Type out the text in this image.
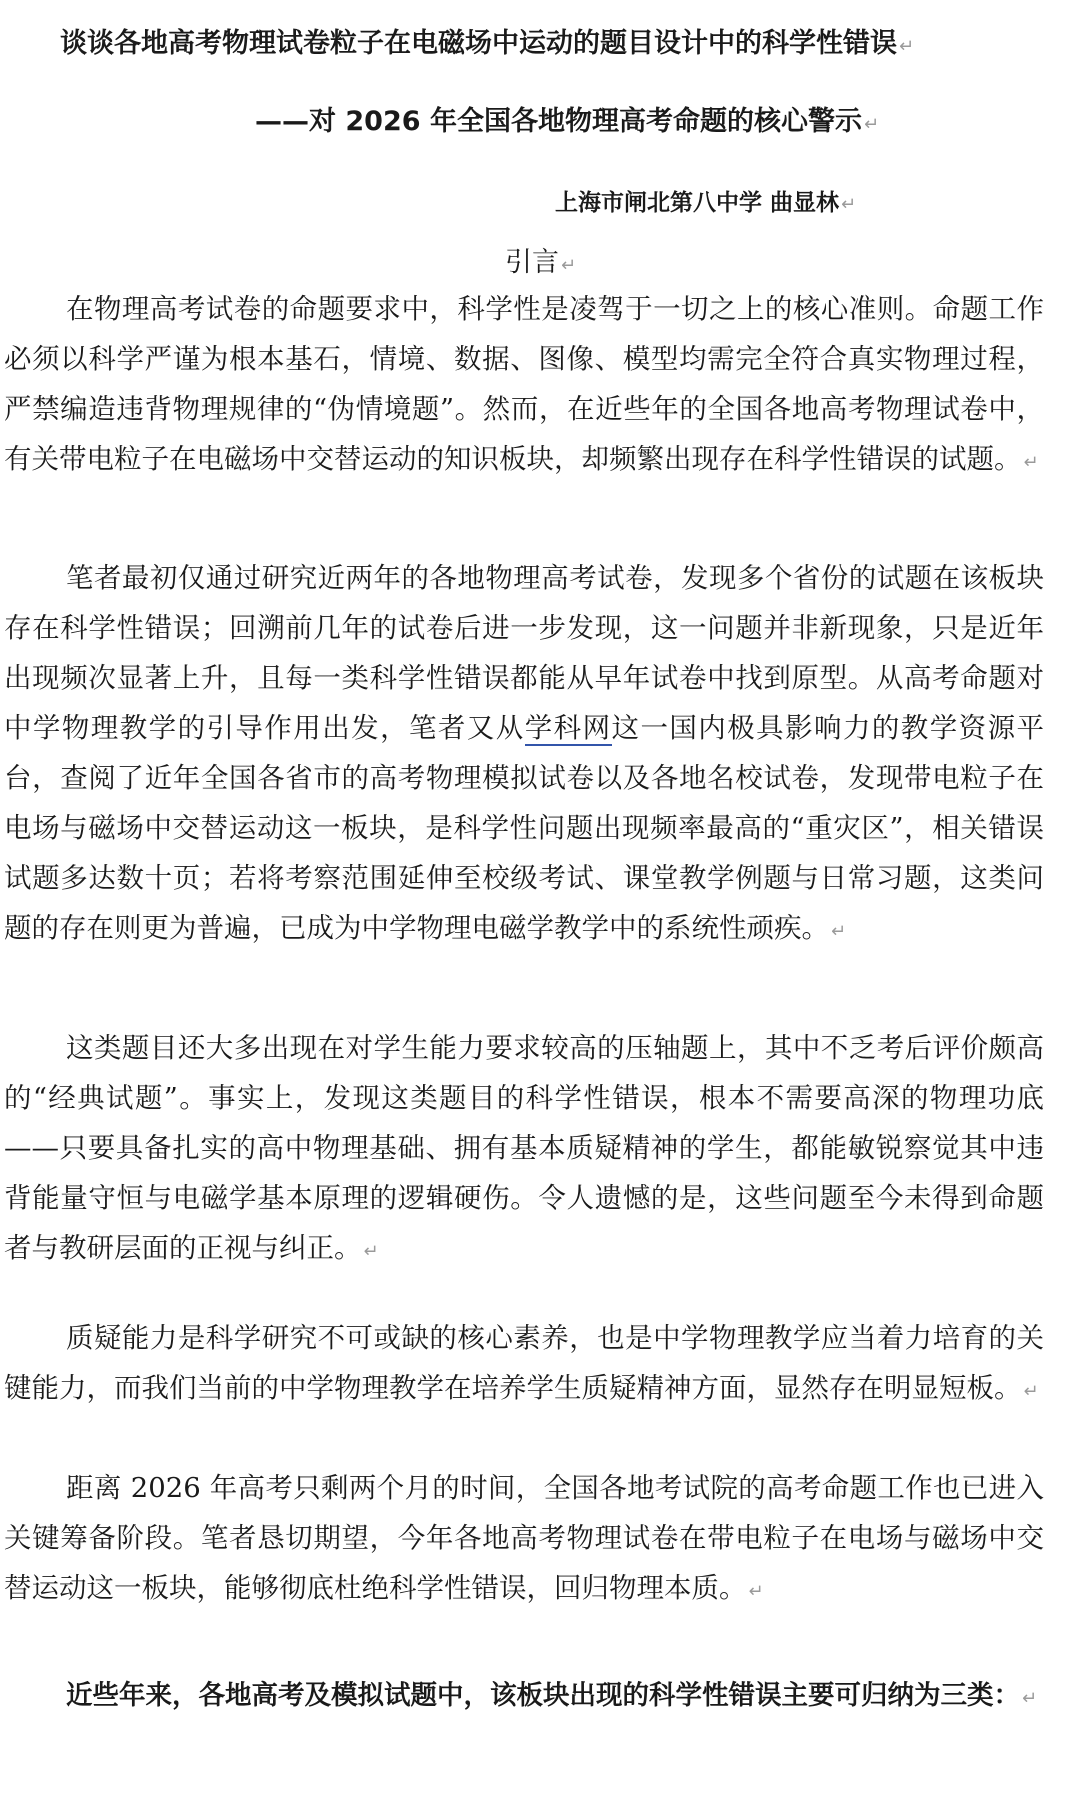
谈谈各地高考物理试卷粒子在电磁场中运动的题目设计中的科学性错误 ↵
——对 2026 年全国各地物理高考命题的核心警示 ↵
上海市闸北第八中学 曲显林 ↵
引言 ↵

在物理高考试卷的命题要求中，科学性是凌驾于一切之上的核心准则。命题工作必须以科学严谨为根本基石，情境、数据、图像、模型均需完全符合真实物理过程，严禁编造违背物理规律的“伪情境题”。然而，在近些年的全国各地高考物理试卷中，有关带电粒子在电磁场中交替运动的知识板块，却频繁出现存在科学性错误的试题。 ↵

笔者最初仅通过研究近两年的各地物理高考试卷，发现多个省份的试题在该板块存在科学性错误；回溯前几年的试卷后进一步发现，这一问题并非新现象，只是近年出现频次显著上升，且每一类科学性错误都能从早年试卷中找到原型。从高考命题对中学物理教学的引导作用出发，笔者又从学科网这一国内极具影响力的教学资源平台，查阅了近年全国各省市的高考物理模拟试卷以及各地名校试卷，发现带电粒子在电场与磁场中交替运动这一板块，是科学性问题出现频率最高的“重灾区”，相关错误试题多达数十页；若将考察范围延伸至校级考试、课堂教学例题与日常习题，这类问题的存在则更为普遍，已成为中学物理电磁学教学中的系统性顽疾。 ↵

这类题目还大多出现在对学生能力要求较高的压轴题上，其中不乏考后评价颇高的“经典试题”。事实上，发现这类题目的科学性错误，根本不需要高深的物理功底——只要具备扎实的高中物理基础、拥有基本质疑精神的学生，都能敏锐察觉其中违背能量守恒与电磁学基本原理的逻辑硬伤。令人遗憾的是，这些问题至今未得到命题者与教研层面的正视与纠正。 ↵

质疑能力是科学研究不可或缺的核心素养，也是中学物理教学应当着力培育的关键能力，而我们当前的中学物理教学在培养学生质疑精神方面，显然存在明显短板。 ↵

距离 2026 年高考只剩两个月的时间，全国各地考试院的高考命题工作也已进入关键筹备阶段。笔者恳切期望，今年各地高考物理试卷在带电粒子在电场与磁场中交替运动这一板块，能够彻底杜绝科学性错误，回归物理本质。 ↵

近些年来，各地高考及模拟试题中，该板块出现的科学性错误主要可归纳为三类： ↵
